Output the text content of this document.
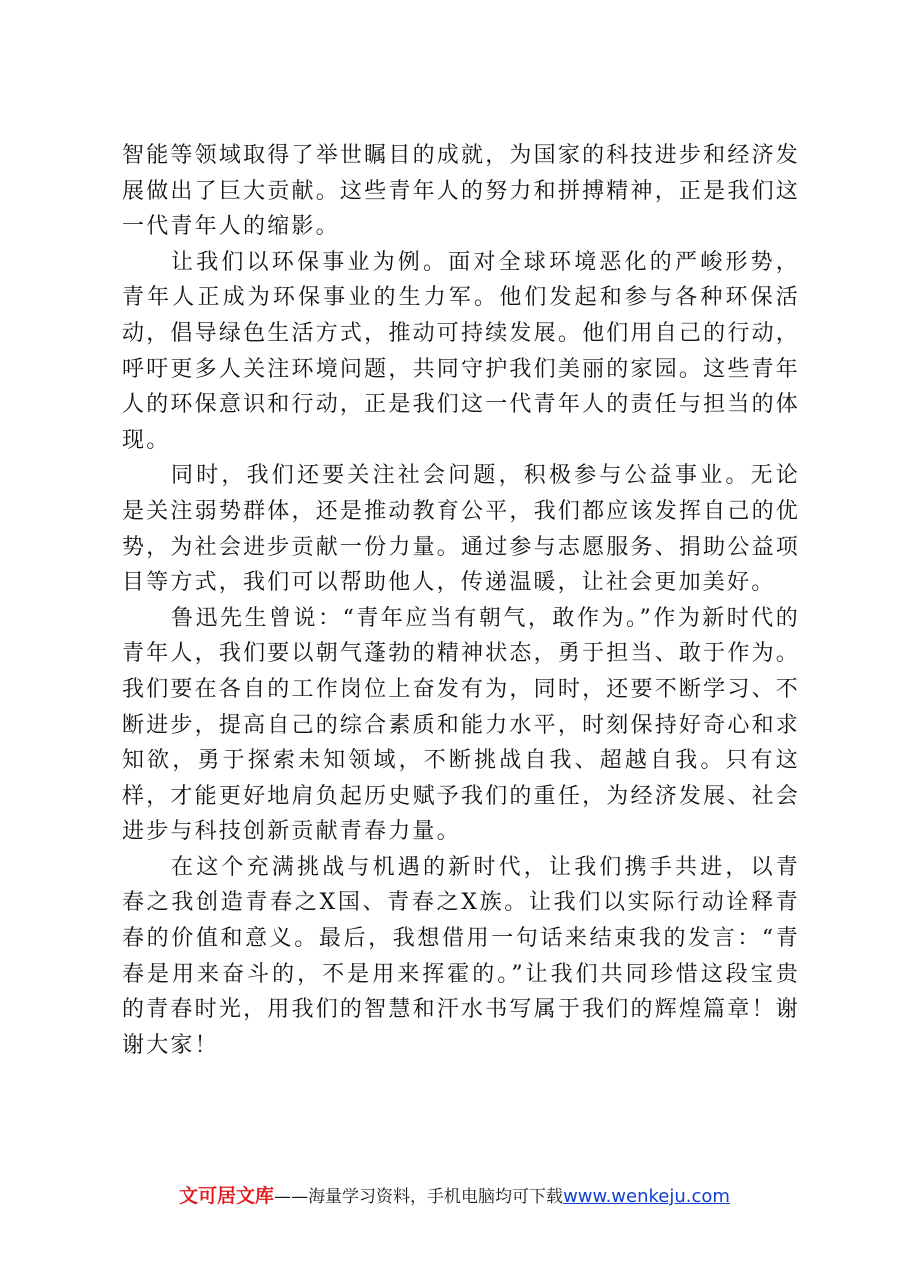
智能等领域取得了举世瞩目的成就，为国家的科技进步和经济发展做出了巨大贡献。这些青年人的努力和拼搏精神，正是我们这一代青年人的缩影。

让我们以环保事业为例。面对全球环境恶化的严峻形势，青年人正成为环保事业的生力军。他们发起和参与各种环保活动，倡导绿色生活方式，推动可持续发展。他们用自己的行动，呼吁更多人关注环境问题，共同守护我们美丽的家园。这些青年人的环保意识和行动，正是我们这一代青年人的责任与担当的体现。

同时，我们还要关注社会问题，积极参与公益事业。无论是关注弱势群体，还是推动教育公平，我们都应该发挥自己的优势，为社会进步贡献一份力量。通过参与志愿服务、捐助公益项目等方式，我们可以帮助他人，传递温暖，让社会更加美好。

鲁迅先生曾说：“青年应当有朝气，敢作为。”作为新时代的青年人，我们要以朝气蓬勃的精神状态，勇于担当、敢于作为。我们要在各自的工作岗位上奋发有为，同时，还要不断学习、不断进步，提高自己的综合素质和能力水平，时刻保持好奇心和求知欲，勇于探索未知领域，不断挑战自我、超越自我。只有这样，才能更好地肩负起历史赋予我们的重任，为经济发展、社会进步与科技创新贡献青春力量。

在这个充满挑战与机遇的新时代，让我们携手共进，以青春之我创造青春之X国、青春之X族。让我们以实际行动诠释青春的价值和意义。最后，我想借用一句话来结束我的发言：“青春是用来奋斗的，不是用来挥霍的。”让我们共同珍惜这段宝贵的青春时光，用我们的智慧和汗水书写属于我们的辉煌篇章！谢谢大家！

文可居文库——海量学习资料，手机电脑均可下载www.wenkeju.com
